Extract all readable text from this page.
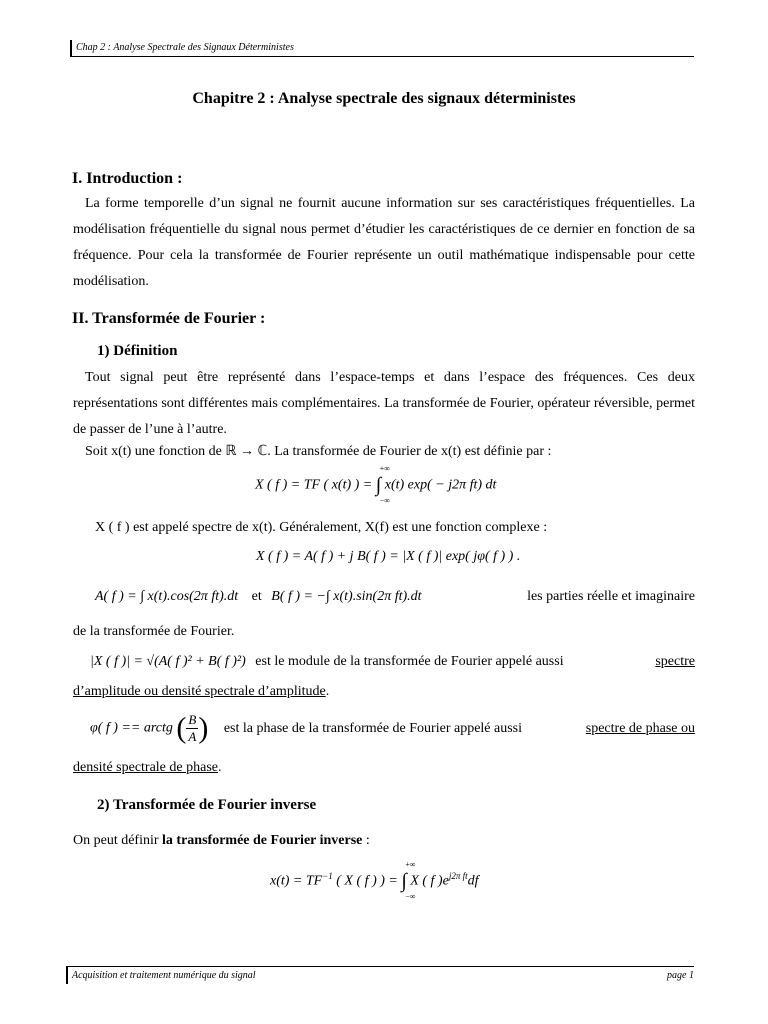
Chap 2 : Analyse Spectrale des Signaux Déterministes
Chapitre 2 : Analyse spectrale des signaux déterministes
I. Introduction :

La forme temporelle d’un signal ne fournit aucune information sur ses caractéristiques fréquentielles. La modélisation fréquentielle du signal nous permet d’étudier les caractéristiques de ce dernier en fonction de sa fréquence. Pour cela la transformée de Fourier représente un outil mathématique indispensable pour cette modélisation.

II. Transformée de Fourier :
1) Définition

Tout signal peut être représenté dans l’espace-temps et dans l’espace des fréquences. Ces deux représentations sont différentes mais complémentaires. La transformée de Fourier, opérateur réversible, permet de passer de l’une à l’autre.

Soit x(t) une fonction de ℝ → ℂ. La transformée de Fourier de x(t) est définie par :
X ( f ) = TF ( x(t) ) = ∫
+∞
−∞
x(t) exp( − j2π ft) dt
X ( f ) est appelé spectre de x(t). Généralement, X(f) est une fonction complexe :
X ( f ) = A( f ) + j B( f ) = |X ( f )| exp( jφ( f ) ) .
A( f ) = ∫ x(t).cos(2π ft).dt et B( f ) = −∫ x(t).sin(2π ft).dt	les parties réelle et imaginaire
de la transformée de Fourier.
|X ( f )| = √(A( f )² + B( f )²) est le module de la transformée de Fourier appelé aussi	spectre
d’amplitude ou densité spectrale d’amplitude.
φ( f ) == arctg ( $\frac{B}{A}$ ) est la phase de la transformée de Fourier appelé aussi	spectre de phase ou
densité spectrale de phase.
2) Transformée de Fourier inverse
On peut définir la transformée de Fourier inverse :
$x(t) = TF^{-1}$ ( X ( f ) ) = ∫
+∞
−∞
X ( f )$e^{j2\pi ft}df$
Acquisition et traitement numérique du signal	page 1
